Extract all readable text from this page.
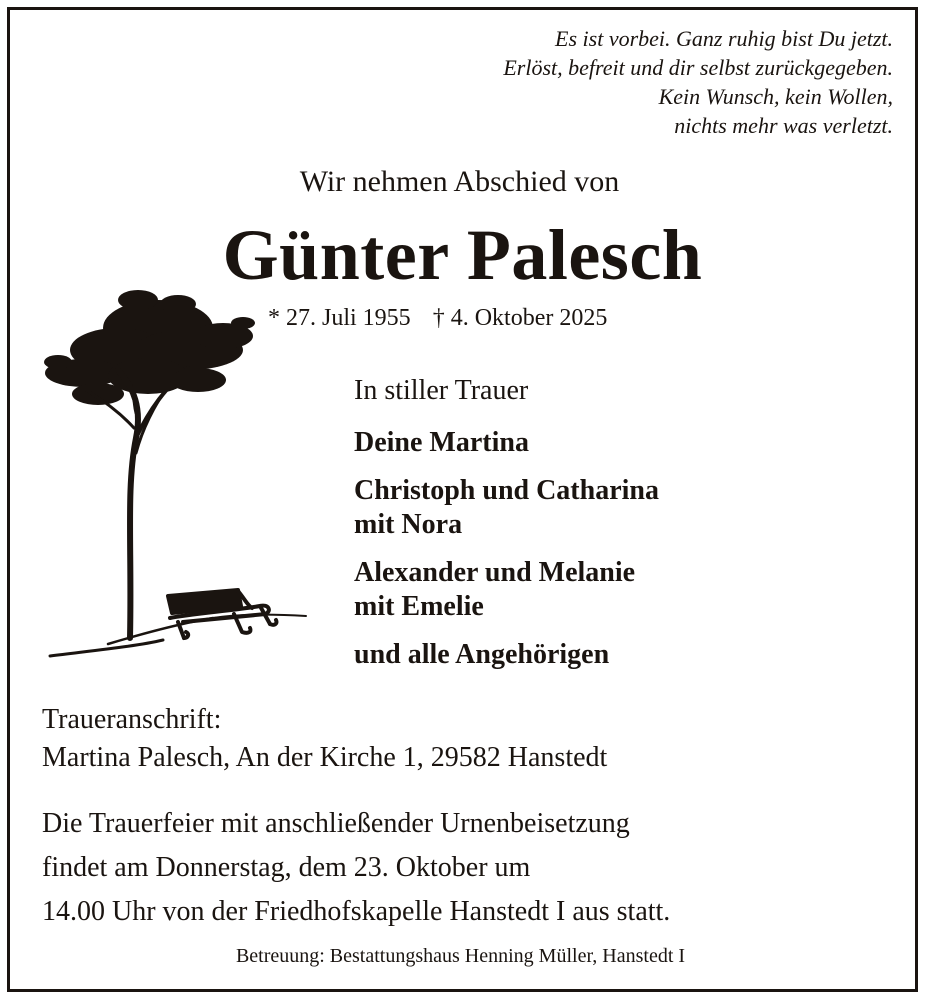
Es ist vorbei. Ganz ruhig bist Du jetzt.
Erlöst, befreit und dir selbst zurückgegeben.
Kein Wunsch, kein Wollen,
nichts mehr was verletzt.
Wir nehmen Abschied von
Günter Palesch
* 27. Juli 1955 † 4. Oktober 2025
In stiller Trauer
Deine Martina
Christoph und Catharina
mit Nora
Alexander und Melanie
mit Emelie
und alle Angehörigen
Traueranschrift:
Martina Palesch, An der Kirche 1, 29582 Hanstedt
Die Trauerfeier mit anschließender Urnenbeisetzung
findet am Donnerstag, dem 23. Oktober um
14.00 Uhr von der Friedhofskapelle Hanstedt I aus statt.
Betreuung: Bestattungshaus Henning Müller, Hanstedt I
